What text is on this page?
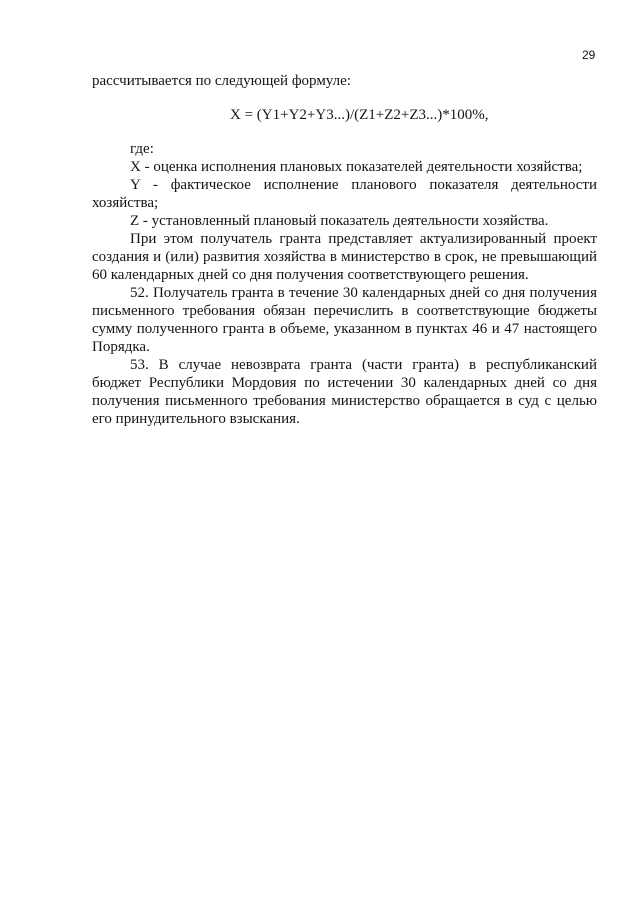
29

рассчитывается по следующей формуле:

X = (Y1+Y2+Y3...)/(Z1+Z2+Z3...)*100%,

где:

X - оценка исполнения плановых показателей деятельности хозяйства;

Y - фактическое исполнение планового показателя деятельности хозяйства;

Z - установленный плановый показатель деятельности хозяйства.

При этом получатель гранта представляет актуализированный проект создания и (или) развития хозяйства в министерство в срок, не превышающий 60 календарных дней со дня получения соответствующего решения.

52. Получатель гранта в течение 30 календарных дней со дня получения письменного требования обязан перечислить в соответствующие бюджеты сумму полученного гранта в объеме, указанном в пунктах 46 и 47 настоящего Порядка.

53. В случае невозврата гранта (части гранта) в республиканский бюджет Республики Мордовия по истечении 30 календарных дней со дня получения письменного требования министерство обращается в суд с целью его принудительного взыскания.
